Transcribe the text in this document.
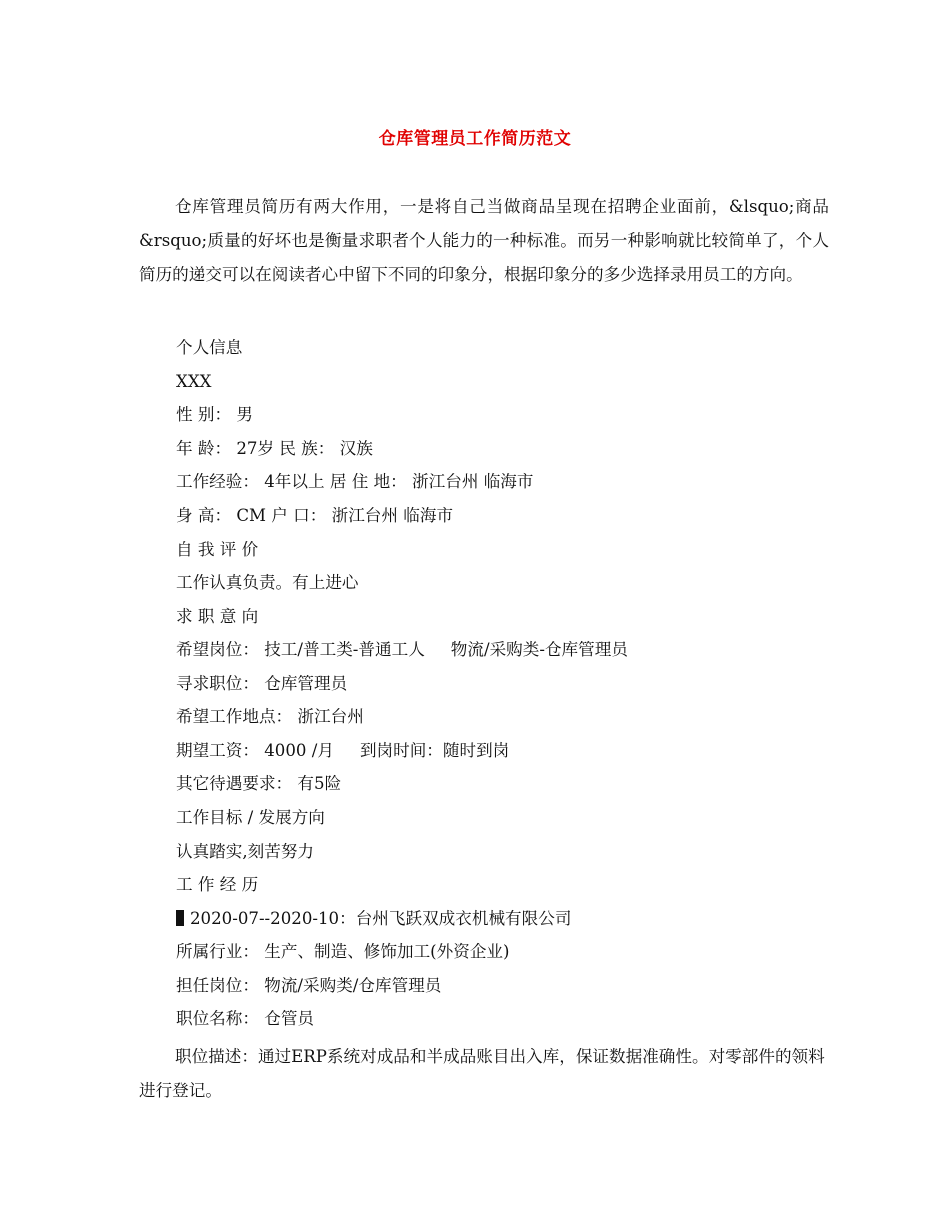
仓库管理员工作简历范文

仓库管理员简历有两大作用，一是将自己当做商品呈现在招聘企业面前，&lsquo;商品&rsquo;质量的好坏也是衡量求职者个人能力的一种标准。而另一种影响就比较简单了，个人简历的递交可以在阅读者心中留下不同的印象分，根据印象分的多少选择录用员工的方向。

个人信息
XXX
性 别： 男
年 龄： 27岁 民 族： 汉族
工作经验： 4年以上 居 住 地： 浙江台州 临海市
身 高： CM 户 口： 浙江台州 临海市
自 我 评 价
工作认真负责。有上进心
求 职 意 向
希望岗位： 技工/普工类-普通工人 物流/采购类-仓库管理员
寻求职位： 仓库管理员
希望工作地点： 浙江台州
期望工资： 4000 /月 到岗时间：随时到岗
其它待遇要求： 有5险
工作目标 / 发展方向
认真踏实,刻苦努力
工 作 经 历
2020-07--2020-10：台州飞跃双成衣机械有限公司
所属行业： 生产、制造、修饰加工(外资企业)
担任岗位： 物流/采购类/仓库管理员
职位名称： 仓管员

职位描述：通过ERP系统对成品和半成品账目出入库，保证数据准确性。对零部件的领料进行登记。
